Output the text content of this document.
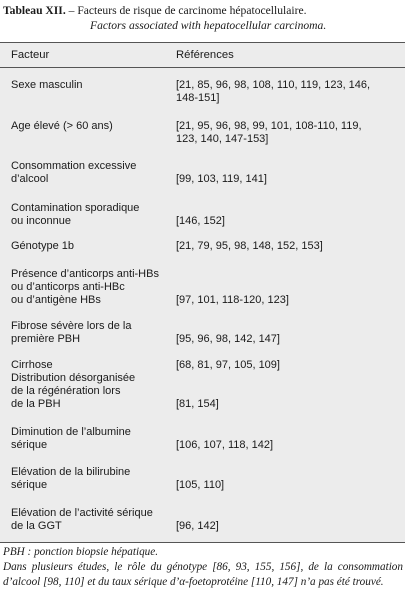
Tableau XII. – Facteurs de risque de carcinome hépatocellulaire.
Factors associated with hepatocellular carcinoma.
Facteur	Références
Sexe masculin	[21, 85, 96, 98, 108, 110, 119, 123, 146,
148-151]
Age élevé (> 60 ans)	[21, 95, 96, 98, 99, 101, 108-110, 119,
123, 140, 147-153]
Consommation excessive
d’alcool	[99, 103, 119, 141]
Contamination sporadique
ou inconnue	[146, 152]
Génotype 1b	[21, 79, 95, 98, 148, 152, 153]
Présence d’anticorps anti-HBs
ou d’anticorps anti-HBc
ou d’antigène HBs	[97, 101, 118-120, 123]
Fibrose sévère lors de la
première PBH	[95, 96, 98, 142, 147]
Cirrhose	[68, 81, 97, 105, 109]
Distribution désorganisée
de la régénération lors
de la PBH	[81, 154]
Diminution de l’albumine
sérique	[106, 107, 118, 142]
Elévation de la bilirubine
sérique	[105, 110]
Elévation de l’activité sérique
de la GGT	[96, 142]

PBH : ponction biopsie hépatique.

Dans plusieurs études, le rôle du génotype [86, 93, 155, 156], de la consommation d’alcool [98, 110] et du taux sérique d’α-foetoprotéine [110, 147] n’a pas été trouvé.
